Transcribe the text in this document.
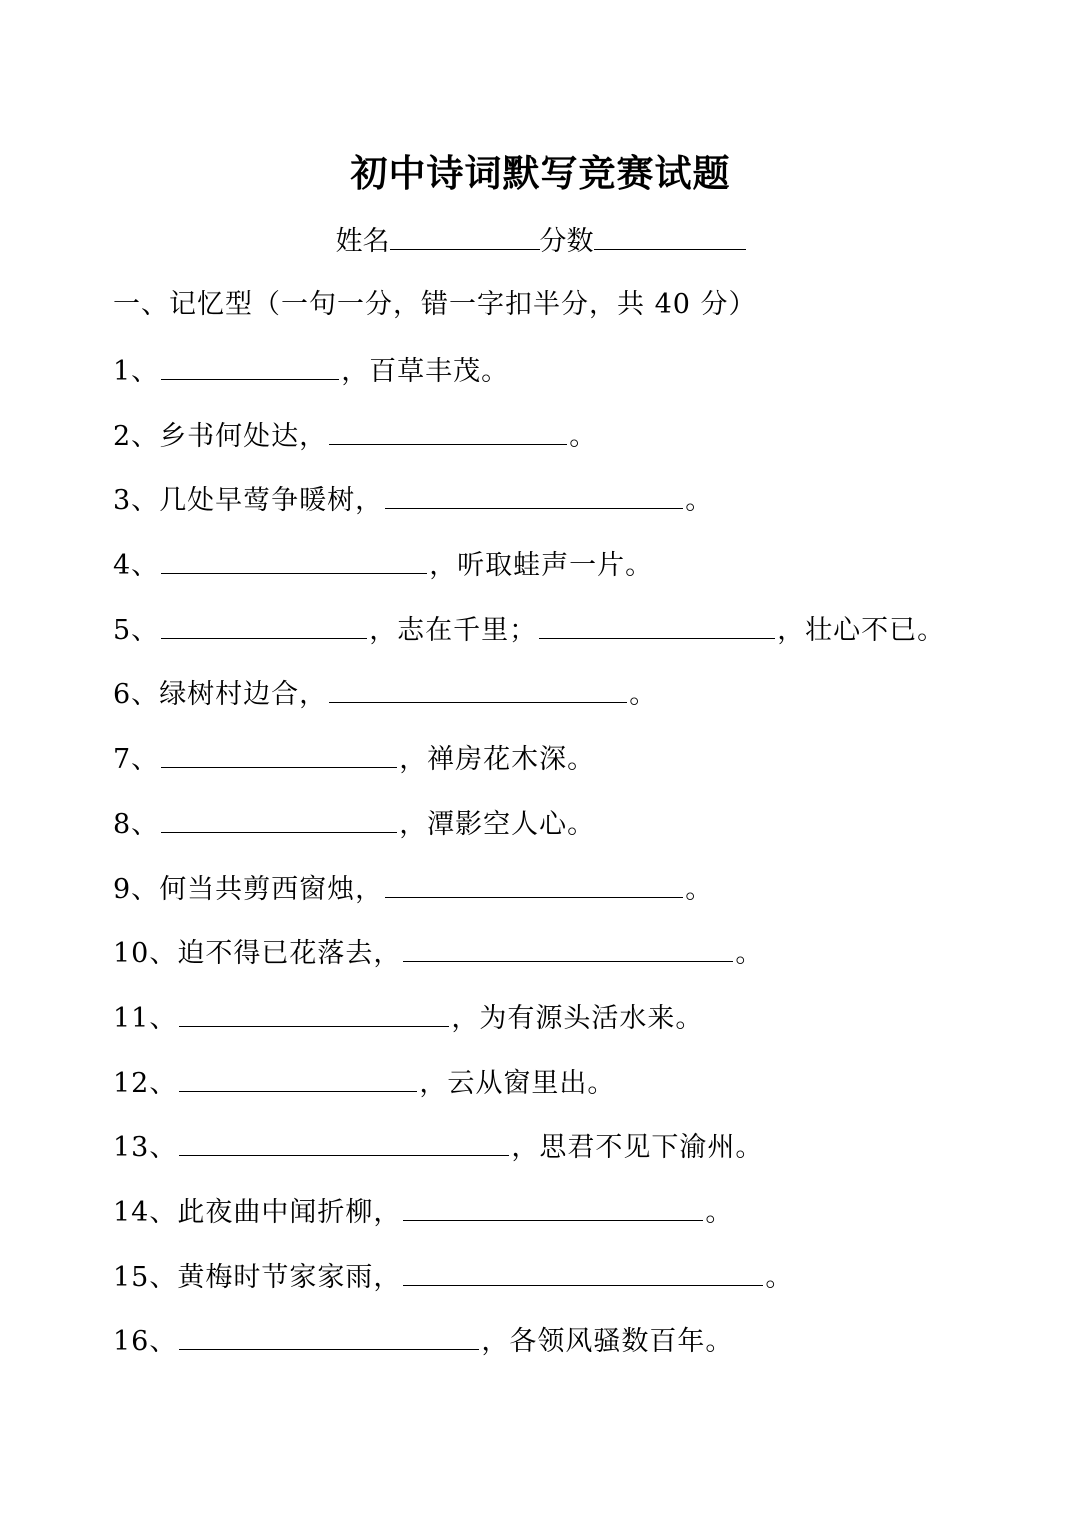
初中诗词默写竞赛试题
姓名	分数
一、记忆型（一句一分，错一字扣半分，共 40 分）
1、	，百草丰茂。
2、乡书何处达，	。
3、几处早莺争暖树，	。
4、	，听取蛙声一片。
5、	，志在千里；	，壮心不已。
6、绿树村边合，	。
7、	，禅房花木深。
8、	，潭影空人心。
9、何当共剪西窗烛，	。
10、迫不得已花落去，	。
11、	，为有源头活水来。
12、	，云从窗里出。
13、	，思君不见下渝州。
14、此夜曲中闻折柳，	。
15、黄梅时节家家雨，	。
16、	，各领风骚数百年。
